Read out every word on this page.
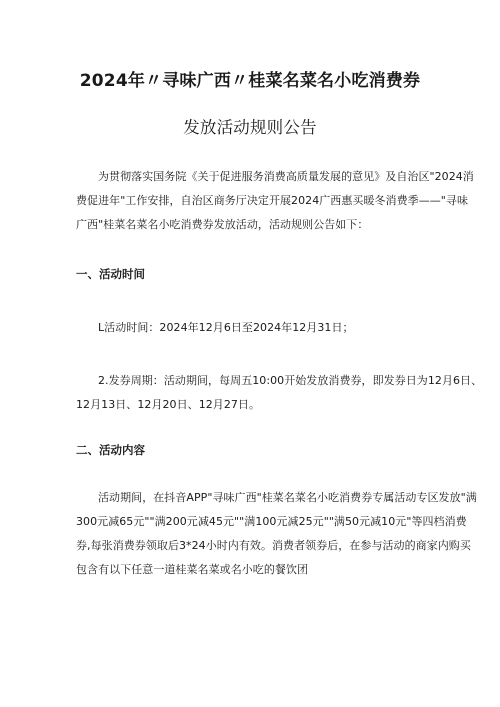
2024年〃寻味广西〃桂菜名菜名小吃消费券
发放活动规则公告
为贯彻落实国务院《关于促进服务消费高质量发展的意见》及自治区"2024消
费促进年"工作安排，自治区商务厅决定开展2024广西惠买暖冬消费季——"寻味
广西"桂菜名菜名小吃消费券发放活动，活动规则公告如下：
一、活动时间
L活动时间：2024年12月6日至2024年12月31日；
2.发券周期：活动期间，每周五10:00开始发放消费券，即发券日为12月6日、
12月13日、12月20日、12月27日。
二、活动内容
活动期间，在抖音APP"寻味广西"桂菜名菜名小吃消费券专属活动专区发放"满
300元减65元""满200元减45元""满100元减25元""满50元减10元"等四档消费
券,每张消费券领取后3*24小时内有效。消费者领券后，在参与活动的商家内购买
包含有以下任意一道桂菜名菜或名小吃的餐饮团
